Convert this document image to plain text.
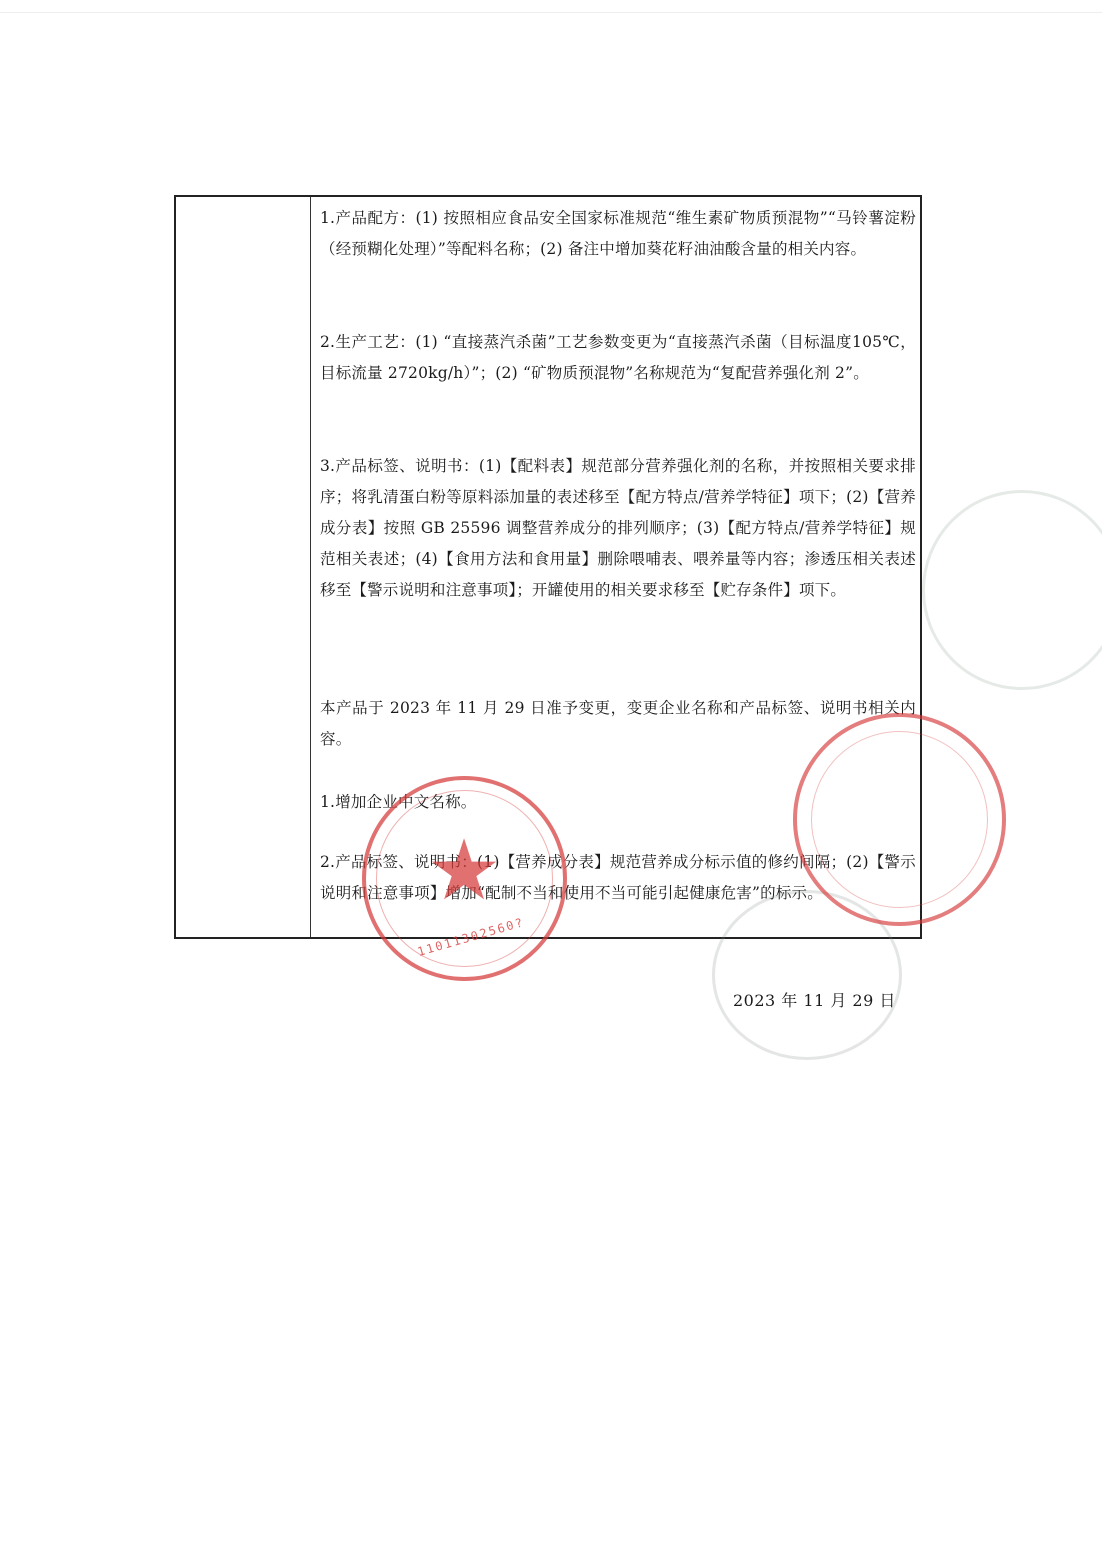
1.产品配方：(1) 按照相应食品安全国家标准规范“维生素矿物质预混物”“马铃薯淀粉（经预糊化处理）”等配料名称；(2) 备注中增加葵花籽油油酸含量的相关内容。
2.生产工艺：(1) “直接蒸汽杀菌”工艺参数变更为“直接蒸汽杀菌（目标温度105℃，目标流量 2720kg/h）”；(2) “矿物质预混物”名称规范为“复配营养强化剂 2”。
3.产品标签、说明书：(1)【配料表】规范部分营养强化剂的名称，并按照相关要求排序；将乳清蛋白粉等原料添加量的表述移至【配方特点/营养学特征】项下；(2)【营养成分表】按照 GB 25596 调整营养成分的排列顺序；(3)【配方特点/营养学特征】规范相关表述；(4)【食用方法和食用量】删除喂哺表、喂养量等内容；渗透压相关表述移至【警示说明和注意事项】；开罐使用的相关要求移至【贮存条件】项下。
本产品于 2023 年 11 月 29 日准予变更，变更企业名称和产品标签、说明书相关内容。
1.增加企业中文名称。
2.产品标签、说明书：(1)【营养成分表】规范营养成分标示值的修约间隔；(2)【警示说明和注意事项】增加“配制不当和使用不当可能引起健康危害”的标示。
2023 年 11 月 29 日
★
11011302560?
